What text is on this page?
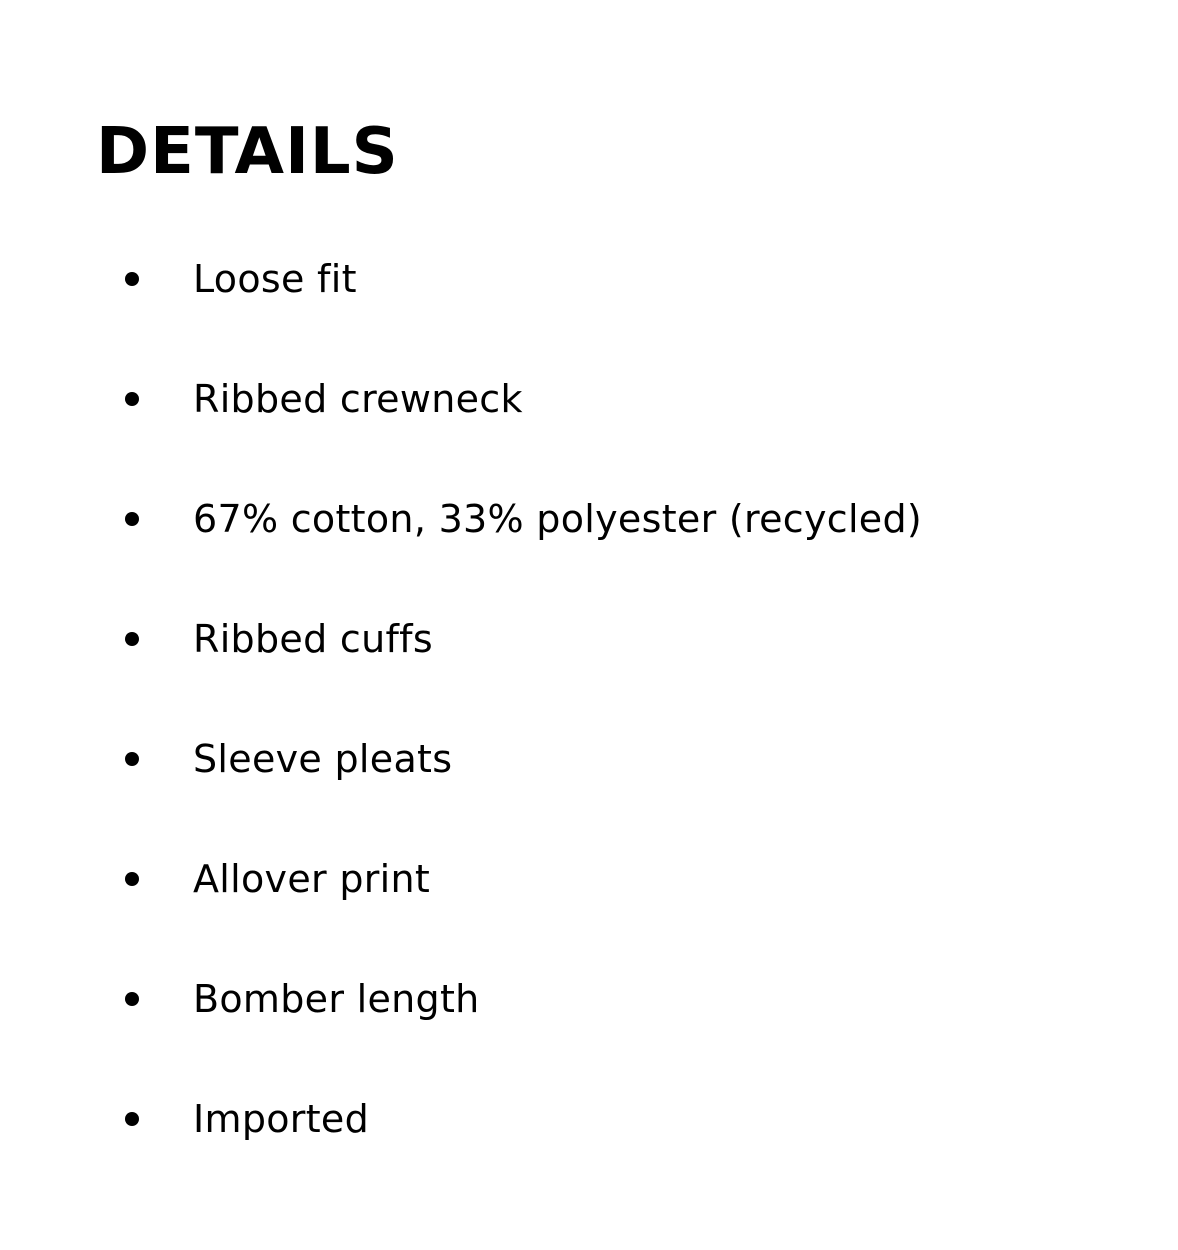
DETAILS
Loose fit
Ribbed crewneck
67% cotton, 33% polyester (recycled)
Ribbed cuffs
Sleeve pleats
Allover print
Bomber length
Imported
